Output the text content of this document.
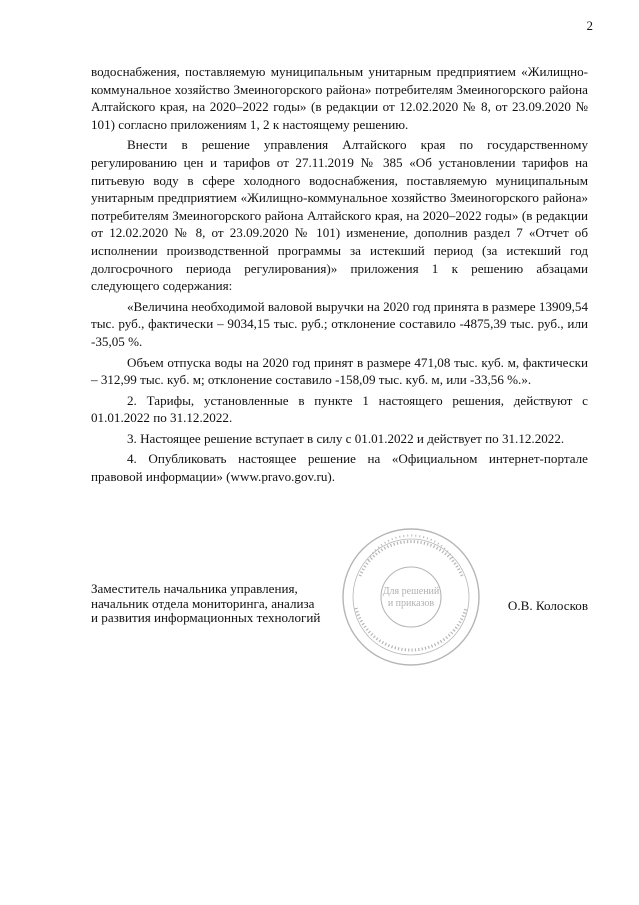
2

водоснабжения, поставляемую муниципальным унитарным предприятием «Жилищно-коммунальное хозяйство Змеиногорского района» потребителям Змеиногорского района Алтайского края, на 2020–2022 годы» (в редакции от 12.02.2020 № 8, от 23.09.2020 № 101) согласно приложениям 1, 2 к настоящему решению.

Внести в решение управления Алтайского края по государственному регулированию цен и тарифов от 27.11.2019 № 385 «Об установлении тарифов на питьевую воду в сфере холодного водоснабжения, поставляемую муниципальным унитарным предприятием «Жилищно-коммунальное хозяйство Змеиногорского района» потребителям Змеиногорского района Алтайского края, на 2020–2022 годы» (в редакции от 12.02.2020 № 8, от 23.09.2020 № 101) изменение, дополнив раздел 7 «Отчет об исполнении производственной программы за истекший период (за истекший год долгосрочного периода регулирования)» приложения 1 к решению абзацами следующего содержания:

«Величина необходимой валовой выручки на 2020 год принята в размере 13909,54 тыс. руб., фактически – 9034,15 тыс. руб.; отклонение составило -4875,39 тыс. руб., или -35,05 %.

Объем отпуска воды на 2020 год принят в размере 471,08 тыс. куб. м, фактически – 312,99 тыс. куб. м; отклонение составило -158,09 тыс. куб. м, или -33,56 %.».

2. Тарифы, установленные в пункте 1 настоящего решения, действуют с 01.01.2022 по 31.12.2022.

3. Настоящее решение вступает в силу с 01.01.2022 и действует по 31.12.2022.

4. Опубликовать настоящее решение на «Официальном интернет-портале правовой информации» (www.pravo.gov.ru).

Для решений
и приказов
Заместитель начальника управления,
начальник отдела мониторинга, анализа
и развития информационных технологий
О.В. Колосков
